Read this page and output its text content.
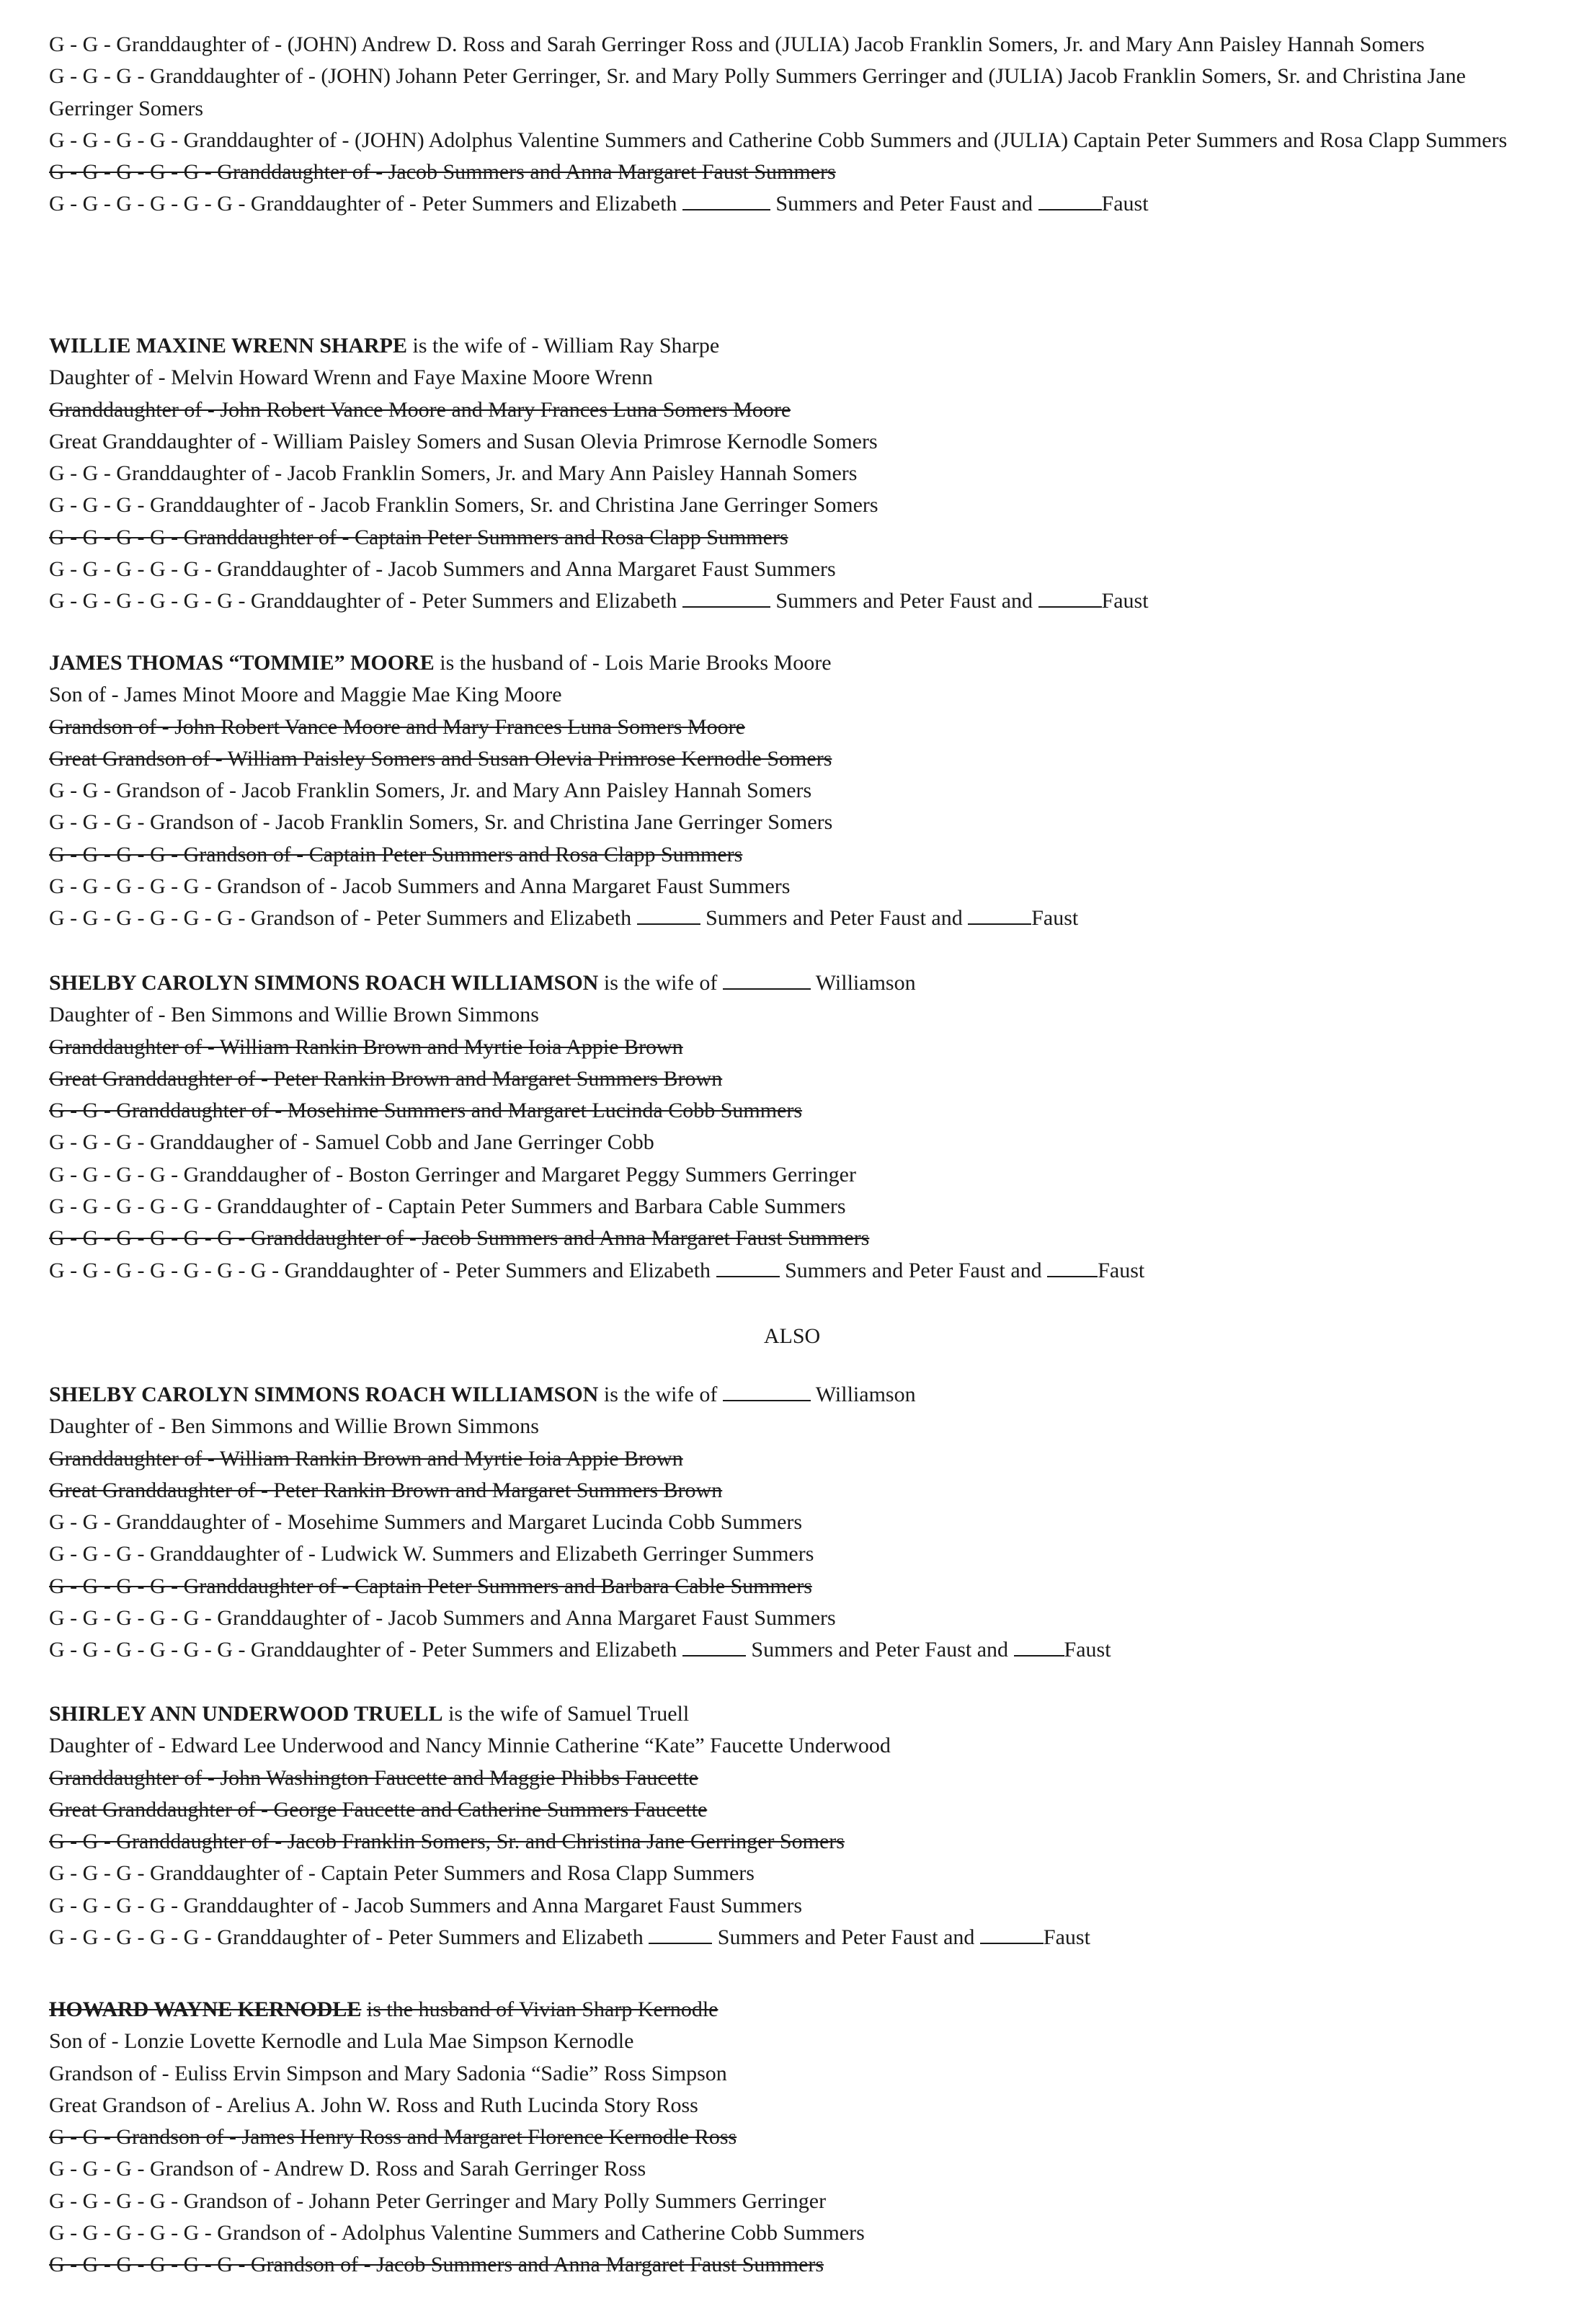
G - G - Granddaughter of - (JOHN) Andrew D. Ross and Sarah Gerringer Ross and (JULIA) Jacob Franklin Somers, Jr. and Mary Ann Paisley Hannah Somers
G - G - G - Granddaughter of - (JOHN) Johann Peter Gerringer, Sr. and Mary Polly Summers Gerringer and (JULIA) Jacob Franklin Somers, Sr. and Christina Jane Gerringer Somers
G - G - G - G - Granddaughter of - (JOHN) Adolphus Valentine Summers and Catherine Cobb Summers and (JULIA) Captain Peter Summers and Rosa Clapp Summers
G - G - G - G - G - Granddaughter of - Jacob Summers and Anna Margaret Faust Summers
G - G - G - G - G - G - Granddaughter of - Peter Summers and Elizabeth	Summers and Peter Faust and	Faust
WILLIE MAXINE WRENN SHARPE is the wife of - William Ray Sharpe
Daughter of - Melvin Howard Wrenn and Faye Maxine Moore Wrenn
Granddaughter of - John Robert Vance Moore and Mary Frances Luna Somers Moore
Great Granddaughter of - William Paisley Somers and Susan Olevia Primrose Kernodle Somers
G - G - Granddaughter of - Jacob Franklin Somers, Jr. and Mary Ann Paisley Hannah Somers
G - G - G - Granddaughter of - Jacob Franklin Somers, Sr. and Christina Jane Gerringer Somers
G - G - G - G - Granddaughter of - Captain Peter Summers and Rosa Clapp Summers
G - G - G - G - G - Granddaughter of - Jacob Summers and Anna Margaret Faust Summers
G - G - G - G - G - G - Granddaughter of - Peter Summers and Elizabeth	Summers and Peter Faust and	Faust
JAMES THOMAS “TOMMIE” MOORE is the husband of - Lois Marie Brooks Moore
Son of - James Minot Moore and Maggie Mae King Moore
Grandson of - John Robert Vance Moore and Mary Frances Luna Somers Moore
Great Grandson of - William Paisley Somers and Susan Olevia Primrose Kernodle Somers
G - G - Grandson of - Jacob Franklin Somers, Jr. and Mary Ann Paisley Hannah Somers
G - G - G - Grandson of - Jacob Franklin Somers, Sr. and Christina Jane Gerringer Somers
G - G - G - G - Grandson of - Captain Peter Summers and Rosa Clapp Summers
G - G - G - G - G - Grandson of - Jacob Summers and Anna Margaret Faust Summers
G - G - G - G - G - G - Grandson of - Peter Summers and Elizabeth	Summers and Peter Faust and	Faust
SHELBY CAROLYN SIMMONS ROACH WILLIAMSON is the wife of	Williamson
Daughter of - Ben Simmons and Willie Brown Simmons
Granddaughter of - William Rankin Brown and Myrtie Ioia Appie Brown
Great Granddaughter of - Peter Rankin Brown and Margaret Summers Brown
G - G - Granddaughter of - Mosehime Summers and Margaret Lucinda Cobb Summers
G - G - G - Granddaugher of - Samuel Cobb and Jane Gerringer Cobb
G - G - G - G - Granddaugher of - Boston Gerringer and Margaret Peggy Summers Gerringer
G - G - G - G - G - Granddaughter of - Captain Peter Summers and Barbara Cable Summers
G - G - G - G - G - G - Granddaughter of - Jacob Summers and Anna Margaret Faust Summers
G - G - G - G - G - G - G - Granddaughter of - Peter Summers and Elizabeth	Summers and Peter Faust and	Faust
SHELBY CAROLYN SIMMONS ROACH WILLIAMSON is the wife of	Williamson
Daughter of - Ben Simmons and Willie Brown Simmons
Granddaughter of - William Rankin Brown and Myrtie Ioia Appie Brown
Great Granddaughter of - Peter Rankin Brown and Margaret Summers Brown
G - G - Granddaughter of - Mosehime Summers and Margaret Lucinda Cobb Summers
G - G - G - Granddaughter of - Ludwick W. Summers and Elizabeth Gerringer Summers
G - G - G - G - Granddaughter of - Captain Peter Summers and Barbara Cable Summers
G - G - G - G - G - Granddaughter of - Jacob Summers and Anna Margaret Faust Summers
G - G - G - G - G - G - Granddaughter of - Peter Summers and Elizabeth	Summers and Peter Faust and	Faust
SHIRLEY ANN UNDERWOOD TRUELL is the wife of Samuel Truell
Daughter of - Edward Lee Underwood and Nancy Minnie Catherine “Kate” Faucette Underwood
Granddaughter of - John Washington Faucette and Maggie Phibbs Faucette
Great Granddaughter of - George Faucette and Catherine Summers Faucette
G - G - Granddaughter of - Jacob Franklin Somers, Sr. and Christina Jane Gerringer Somers
G - G - G - Granddaughter of - Captain Peter Summers and Rosa Clapp Summers
G - G - G - G - Granddaughter of - Jacob Summers and Anna Margaret Faust Summers
G - G - G - G - G - Granddaughter of - Peter Summers and Elizabeth	Summers and Peter Faust and	Faust
HOWARD WAYNE KERNODLE is the husband of Vivian Sharp Kernodle
Son of - Lonzie Lovette Kernodle and Lula Mae Simpson Kernodle
Grandson of - Euliss Ervin Simpson and Mary Sadonia “Sadie” Ross Simpson
Great Grandson of - Arelius A. John W. Ross and Ruth Lucinda Story Ross
G - G - Grandson of - James Henry Ross and Margaret Florence Kernodle Ross
G - G - G - Grandson of - Andrew D. Ross and Sarah Gerringer Ross
G - G - G - G - Grandson of - Johann Peter Gerringer and Mary Polly Summers Gerringer
G - G - G - G - G - Grandson of - Adolphus Valentine Summers and Catherine Cobb Summers
G - G - G - G - G - G - Grandson of - Jacob Summers and Anna Margaret Faust Summers
ALSO
